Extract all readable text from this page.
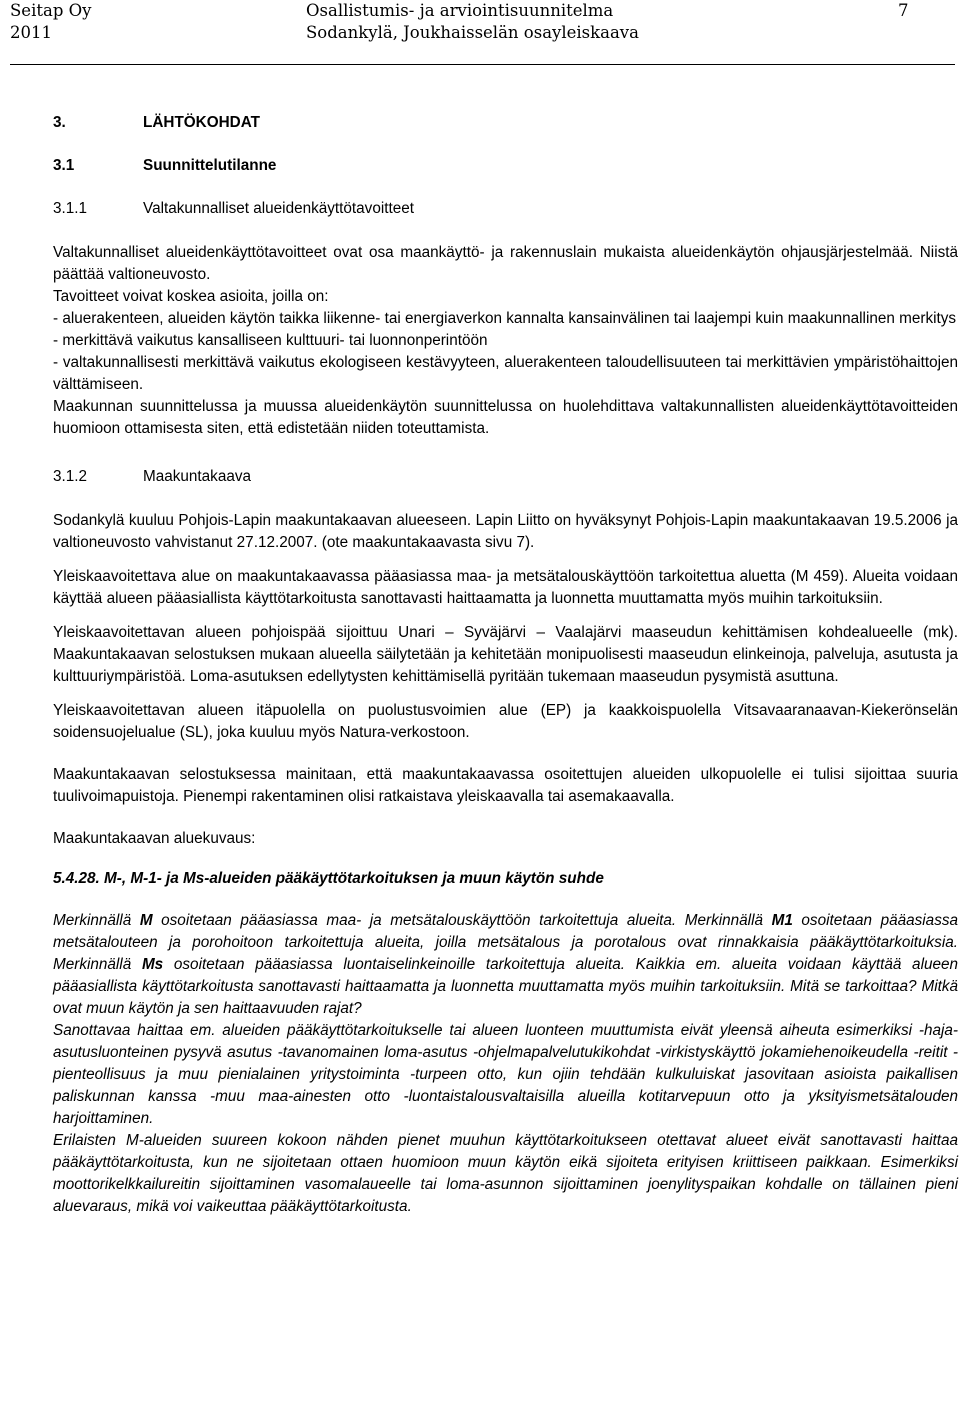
Seitap Oy
2011
Osallistumis- ja arviointisuunnitelma
Sodankylä, Joukhaisselän osayleiskaava
7
3.	LÄHTÖKOHDAT
3.1	Suunnittelutilanne
3.1.1	Valtakunnalliset alueidenkäyttötavoitteet

Valtakunnalliset alueidenkäyttötavoitteet ovat osa maankäyttö- ja rakennuslain mukaista alueidenkäytön ohjausjärjestelmää. Niistä päättää valtioneuvosto.

Tavoitteet voivat koskea asioita, joilla on:

- aluerakenteen, alueiden käytön taikka liikenne- tai energiaverkon kannalta kansainvälinen tai laajempi kuin maakunnallinen merkitys

- merkittävä vaikutus kansalliseen kulttuuri- tai luonnonperintöön

- valtakunnallisesti merkittävä vaikutus ekologiseen kestävyyteen, aluerakenteen taloudellisuuteen tai merkittävien ympäristöhaittojen välttämiseen.

Maakunnan suunnittelussa ja muussa alueidenkäytön suunnittelussa on huolehdittava valtakunnallisten alueidenkäyttötavoitteiden huomioon ottamisesta siten, että edistetään niiden toteuttamista.

3.1.2	Maakuntakaava

Sodankylä kuuluu Pohjois-Lapin maakuntakaavan alueeseen. Lapin Liitto on hyväksynyt Pohjois-Lapin maakuntakaavan 19.5.2006 ja valtioneuvosto vahvistanut 27.12.2007. (ote maakuntakaavasta sivu 7).

Yleiskaavoitettava alue on maakuntakaavassa pääasiassa maa- ja metsätalouskäyttöön tarkoitettua aluetta (M 459). Alueita voidaan käyttää alueen pääasiallista käyttötarkoitusta sanottavasti haittaamatta ja luonnetta muuttamatta myös muihin tarkoituksiin.

Yleiskaavoitettavan alueen pohjoispää sijoittuu Unari – Syväjärvi – Vaalajärvi maaseudun kehittämisen kohdealueelle (mk). Maakuntakaavan selostuksen mukaan alueella säilytetään ja kehitetään monipuolisesti maaseudun elinkeinoja, palveluja, asutusta ja kulttuuriympäristöä. Loma-asutuksen edellytysten kehittämisellä pyritään tukemaan maaseudun pysymistä asuttuna.

Yleiskaavoitettavan alueen itäpuolella on puolustusvoimien alue (EP) ja kaakkoispuolella Vitsavaaranaavan-Kiekerönselän soidensuojelualue (SL), joka kuuluu myös Natura-verkostoon.

Maakuntakaavan selostuksessa mainitaan, että maakuntakaavassa osoitettujen alueiden ulkopuolelle ei tulisi sijoittaa suuria tuulivoimapuistoja. Pienempi rakentaminen olisi ratkaistava yleiskaavalla tai asemakaavalla.

Maakuntakaavan aluekuvaus:

5.4.28. M-, M-1- ja Ms-alueiden pääkäyttötarkoituksen ja muun käytön suhde
Merkinnällä M osoitetaan pääasiassa maa- ja metsätalouskäyttöön tarkoitettuja alueita. Merkinnällä M1 osoitetaan pääasiassa metsätalouteen ja porohoitoon tarkoitettuja alueita, joilla metsätalous ja porotalous ovat rinnakkaisia pääkäyttötarkoituksia. Merkinnällä Ms osoitetaan pääasiassa luontaiselinkeinoille tarkoitettuja alueita. Kaikkia em. alueita voidaan käyttää alueen pääasiallista käyttötarkoitusta sanottavasti haittaamatta ja luonnetta muuttamatta myös muihin tarkoituksiin. Mitä se tarkoittaa? Mitkä ovat muun käytön ja sen haittaavuuden rajat?

Sanottavaa haittaa em. alueiden pääkäyttötarkoitukselle tai alueen luonteen muuttumista eivät yleensä aiheuta esimerkiksi -haja-asutusluonteinen pysyvä asutus -tavanomainen loma-asutus -ohjelmapalvelutukikohdat -virkistyskäyttö jokamiehenoikeudella -reitit -pienteollisuus ja muu pienialainen yritystoiminta -turpeen otto, kun ojiin tehdään kulkuluiskat jasovitaan asioista paikallisen paliskunnan kanssa -muu maa-ainesten otto -luontaistalousvaltaisilla alueilla kotitarvepuun otto ja yksityismetsätalouden harjoittaminen.

Erilaisten M-alueiden suureen kokoon nähden pienet muuhun käyttötarkoitukseen otettavat alueet eivät sanottavasti haittaa pääkäyttötarkoitusta, kun ne sijoitetaan ottaen huomioon muun käytön eikä sijoiteta erityisen kriittiseen paikkaan. Esimerkiksi moottorikelkkailureitin sijoittaminen vasomalaueelle tai loma-asunnon sijoittaminen joenylityspaikan kohdalle on tällainen pieni aluevaraus, mikä voi vaikeuttaa pääkäyttötarkoitusta.
